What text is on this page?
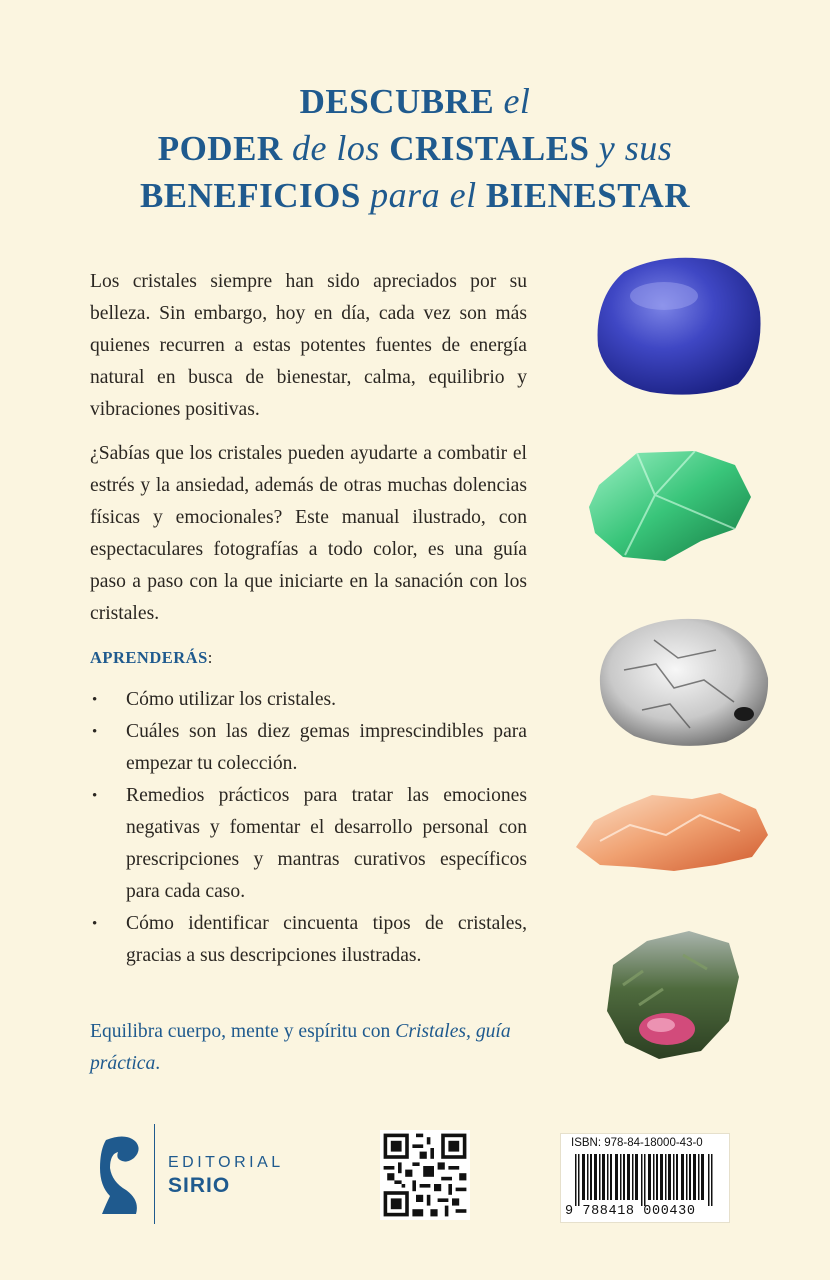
DESCUBRE el
PODER de los CRISTALES y sus
BENEFICIOS para el BIENESTAR

Los cristales siempre han sido apreciados por su belleza. Sin embargo, hoy en día, cada vez son más quienes recurren a estas potentes fuentes de energía natural en busca de bienestar, calma, equilibrio y vibraciones positivas.

¿Sabías que los cristales pueden ayudarte a combatir el estrés y la ansiedad, además de otras muchas dolencias físicas y emocionales? Este manual ilustrado, con espectaculares fotografías a todo color, es una guía paso a paso con la que iniciarte en la sanación con los cristales.

APRENDERÁS:
• Cómo utilizar los cristales.
• Cuáles son las diez gemas imprescindibles para empezar tu colección.
• Remedios prácticos para tratar las emociones negativas y fomentar el desarrollo personal con prescripciones y mantras curativos específicos para cada caso.
• Cómo identificar cincuenta tipos de cristales, gracias a sus descripciones ilustradas.

Equilibra cuerpo, mente y espíritu con Cristales, guía práctica.

EDITORIAL
SIRIO
ISBN: 978-84-18000-43-0
9 788418 000430
